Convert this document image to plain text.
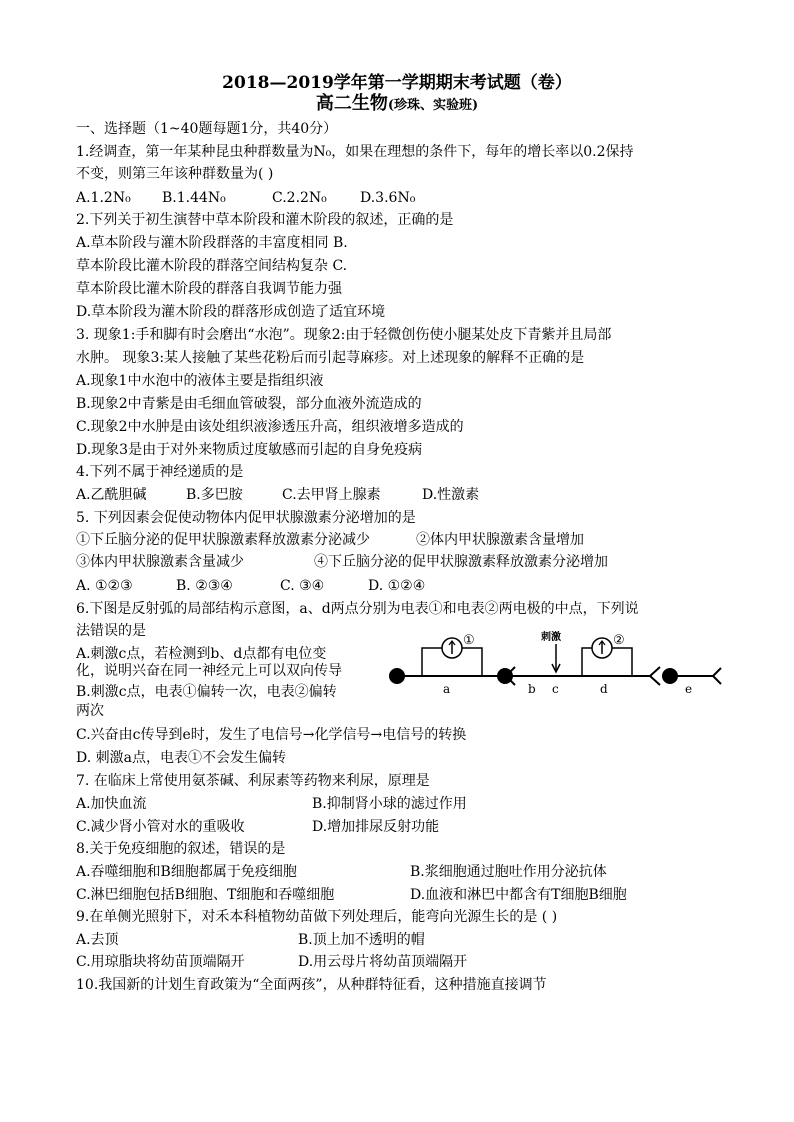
2018—2019学年第一学期期末考试题（卷）
高二生物(珍珠、实验班)
一、选择题（1~40题每题1分，共40分）
1.经调查，第一年某种昆虫种群数量为N₀，如果在理想的条件下，每年的增长率以0.2保持
不变，则第三年该种群数量为( )
A.1.2N₀ B.1.44N₀	C.2.2N₀ D.3.6N₀
2.下列关于初生演替中草本阶段和灌木阶段的叙述，正确的是
A.草本阶段与灌木阶段群落的丰富度相同 B.
草本阶段比灌木阶段的群落空间结构复杂 C.
草本阶段比灌木阶段的群落自我调节能力强
D.草本阶段为灌木阶段的群落形成创造了适宜环境
3. 现象1:手和脚有时会磨出“水泡”。现象2:由于轻微创伤使小腿某处皮下青紫并且局部
水肿。 现象3:某人接触了某些花粉后而引起荨麻疹。对上述现象的解释不正确的是
A.现象1中水泡中的液体主要是指组织液
B.现象2中青紫是由毛细血管破裂，部分血液外流造成的
C.现象2中水肿是由该处组织液渗透压升高，组织液增多造成的
D.现象3是由于对外来物质过度敏感而引起的自身免疫病
4.下列不属于神经递质的是
A.乙酰胆碱	B.多巴胺	C.去甲肾上腺素	D.性激素
5. 下列因素会促使动物体内促甲状腺激素分泌增加的是
①下丘脑分泌的促甲状腺激素释放激素分泌减少	②体内甲状腺激素含量增加
③体内甲状腺激素含量减少	④下丘脑分泌的促甲状腺激素释放激素分泌增加
A. ①②③	B. ②③④	C. ③④	D. ①②④
6.下图是反射弧的局部结构示意图，a、d两点分别为电表①和电表②两电极的中点，下列说
法错误的是
A.刺激c点，若检测到b、d点都有电位变
化，说明兴奋在同一神经元上可以双向传导
B.刺激c点，电表①偏转一次，电表②偏转
两次
C.兴奋由c传导到e时，发生了电信号→化学信号→电信号的转换
D. 刺激a点，电表①不会发生偏转
①	②
刺激
a	b c	d	e
7. 在临床上常使用氨茶碱、利尿素等药物来利尿，原理是
A.加快血流	B.抑制肾小球的滤过作用
C.减少肾小管对水的重吸收	D.增加排尿反射功能
8.关于免疫细胞的叙述，错误的是
A.吞噬细胞和B细胞都属于免疫细胞	B.浆细胞通过胞吐作用分泌抗体
C.淋巴细胞包括B细胞、T细胞和吞噬细胞	D.血液和淋巴中都含有T细胞B细胞
9.在单侧光照射下，对禾本科植物幼苗做下列处理后，能弯向光源生长的是 ( )
A.去顶	B.顶上加不透明的帽
C.用琼脂块将幼苗顶端隔开	D.用云母片将幼苗顶端隔开
10.我国新的计划生育政策为“全面两孩”，从种群特征看，这种措施直接调节
